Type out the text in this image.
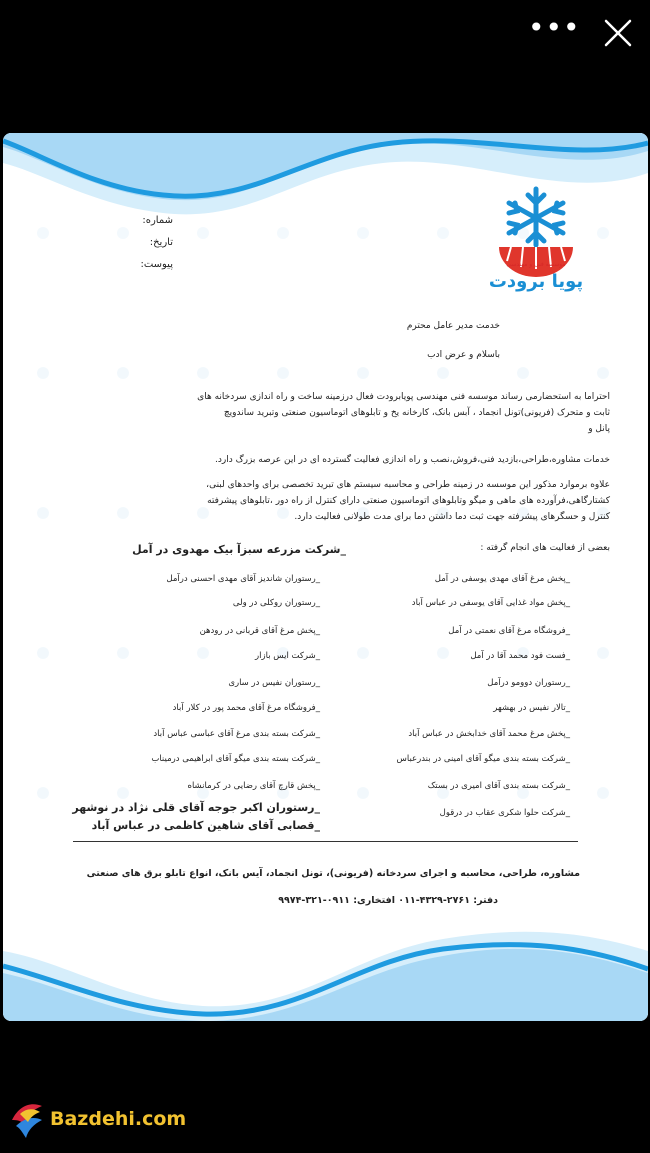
•••
موسسه فنی و مهندسی
پویا برودت
شماره:
تاریخ:
پیوست:
خدمت مدیر عامل محترم
باسلام و عرض ادب
احتراما به استحضارمی رساند موسسه فنی مهندسی پویابرودت فعال درزمینه ساخت و راه اندازی سردخانه های
ثابت و متحرک (فریونی)تونل انجماد ، آبس بانک، کارخانه یخ و تابلوهای اتوماسیون صنعتی وتبرید ساندویچ
پانل و
خدمات مشاوره،طراحی،بازدید فنی،فروش،نصب و راه اندازی فعالیت گسترده ای در این عرصه بزرگ دارد.
علاوه برموارد مذکور این موسسه در زمینه طراحی و محاسبه سیستم های تبرید تخصصی برای واحدهای لبنی،
کشتارگاهی،فرآورده های ماهی و میگو وتابلوهای اتوماسیون صنعتی دارای کنترل از راه دور ،تابلوهای پیشرفته
کنترل و حسگرهای پیشرفته جهت ثبت دما داشتن دما برای مدت طولانی فعالیت دارد.
بعضی از فعالیت های انجام گرفته :
_شرکت مزرعه سبزآ بیک مهدوی در آمل
_پخش مرغ آقای مهدی یوسفی در آمل
_پخش مواد غذایی آقای یوسفی در عباس آباد
_فروشگاه مرغ آقای نعمتی در آمل
_فست فود محمد آقا در آمل
_رستوران دوومو درآمل
_تالار نفیس در بهشهر
_پخش مرغ محمد آقای خدابخش در عباس آباد
_شرکت بسته بندی میگو آقای امینی در بندرعباس
_شرکت بسته بندی آقای امیری در بستک
_شرکت حلوا شکری عقاب در درقول
_رستوران شاندیز آقای مهدی احسنی درآمل
_رستوران روکلی در ولی
_پخش مرغ آقای قربانی در رودهن
_شرکت ایس بازار
_رستوران نفیس در ساری
_فروشگاه مرغ آقای محمد پور در کلار آباد
_شرکت بسته بندی مرغ آقای عباسی عباس آباد
_شرکت بسته بندی میگو آقای ابراهیمی درمیناب
_پخش قارچ آقای رضایی در کرمانشاه
_رستوران اکبر جوجه آقای قلی نژاد در نوشهر
_قصابی آقای شاهین کاظمی در عباس آباد
مشاوره، طراحی، محاسبه و اجرای سردخانه (فریونی)، تونل انجماد، آیس بانک، انواع تابلو برق های صنعتی
دفتر: ۲۷۶۱-۴۳۲۹-۰۱۱ افتخاری: ۰۹۱۱-۳۲۱-۹۹۷۴
Bazdehi.com
